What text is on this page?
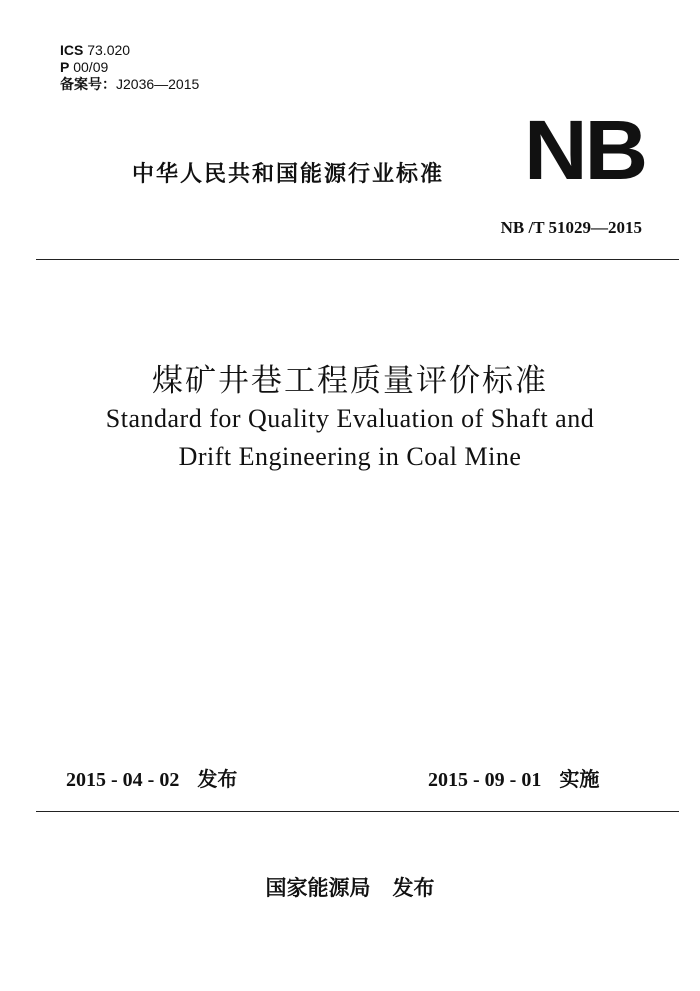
ICS 73.020
P 00/09
备案号：J2036—2015
中华人民共和国能源行业标准 NB
NB /T 51029—2015
煤矿井巷工程质量评价标准
Standard for Quality Evaluation of Shaft and
Drift Engineering in Coal Mine
2015 - 04 - 02 发布	2015 - 09 - 01 实施
国家能源局 发布
